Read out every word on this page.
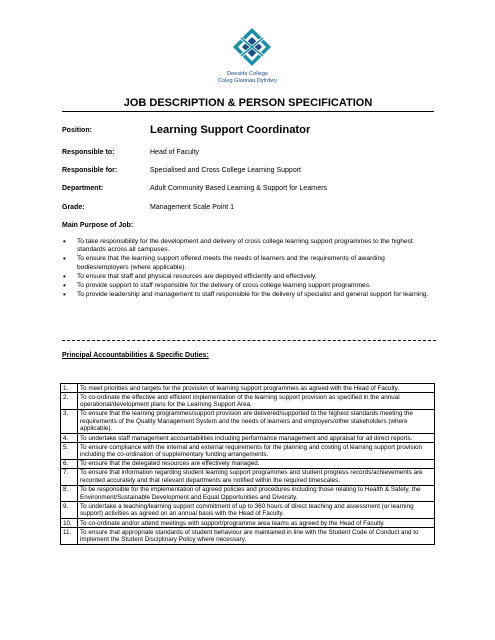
Deeside College
Coleg Glannau Dyfrdwy
JOB DESCRIPTION & PERSON SPECIFICATION
Position:	Learning Support Coordinator
Responsible to:	Head of Faculty
Responsible for:	Specialised and Cross College Learning Support
Department:	Adult Community Based Learning & Support for Learners
Grade:	Management Scale Point 1
Main Purpose of Job:
• To take responsibility for the development and delivery of cross college learning support programmes to the highest standards across all campuses.
• To ensure that the learning support offered meets the needs of learners and the requirements of awarding bodies/employers (where applicable).
• To ensure that staff and physical resources are deployed efficiently and effectively.
• To provide support to staff responsible for the delivery of cross college learning support programmes.
• To provide leadership and management to staff responsible for the delivery of specialist and general support for learning.
Principal Accountabilities & Specific Duties:
1.	To meet priorities and targets for the provision of learning support programmes as agreed with the Head of Faculty.
2.	To co-ordinate the effective and efficient implementation of the learning support provision as specified in the annual operational/development plans for the Learning Support Area.
3.	To ensure that the learning programmes/support provision are delivered/supported to the highest standards meeting the requirements of the Quality Management System and the needs of learners and employers/other stakeholders (where applicable).
4.	To undertake staff management accountabilities including performance management and appraisal for all direct reports.
5.	To ensure compliance with the internal and external requirements for the planning and costing of learning support provision including the co-ordination of supplementary funding arrangements.
6.	To ensure that the delegated resources are effectively managed.
7.	To ensure that information regarding student learning support programmes and student progress records/achievements are recorded accurately and that relevant departments are notified within the required timescales.
8.	To be responsible for the implementation of agreed policies and procedures including those relating to Health & Safety, the Environment/Sustainable Development and Equal Opportunities and Diversity.
9.	To undertake a teaching/learning support commitment of up to 360 hours of direct teaching and assessment (or learning support) activities as agreed on an annual basis with the Head of Faculty.
10.	To co-ordinate and/or attend meetings with support/programme area teams as agreed by the Head of Faculty.
11.	To ensure that appropriate standards of student behaviour are maintained in line with the Student Code of Conduct and to implement the Student Disciplinary Policy where necessary.
